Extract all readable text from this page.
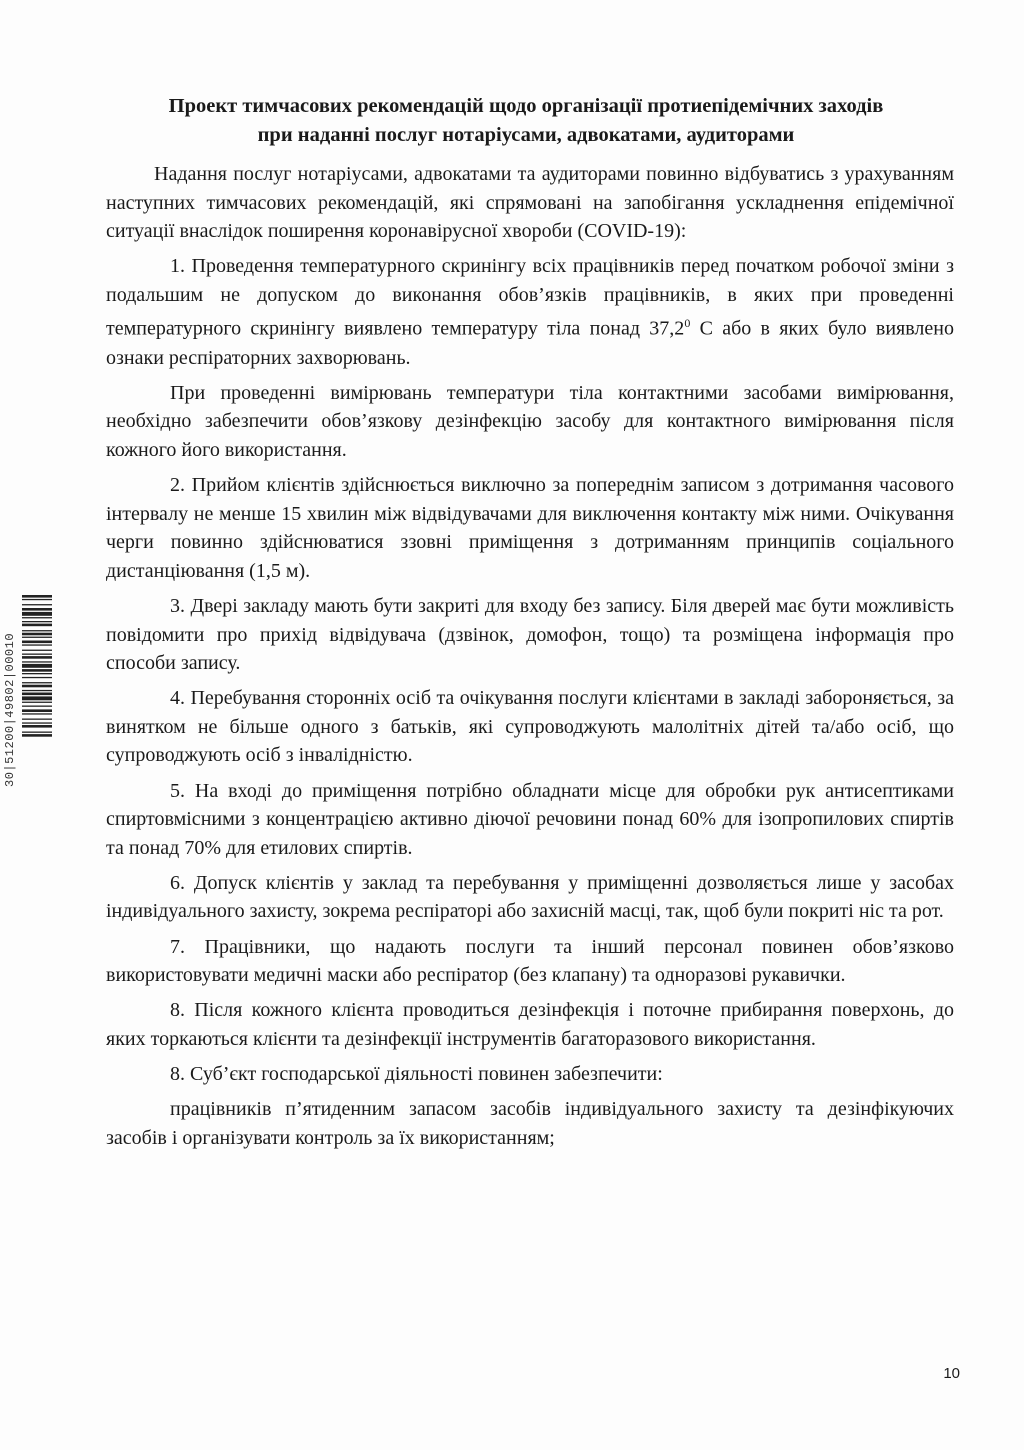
Проект тимчасових рекомендацій щодо організації протиепідемічних заходів
при наданні послуг нотаріусами, адвокатами, аудиторами

Надання послуг нотаріусами, адвокатами та аудиторами повинно відбуватись з урахуванням наступних тимчасових рекомендацій, які спрямовані на запобігання ускладнення епідемічної ситуації внаслідок поширення коронавірусної хвороби (COVID-19):

1. Проведення температурного скринінгу всіх працівників перед початком робочої зміни з подальшим не допуском до виконання обов’язків працівників, в яких при проведенні температурного скринінгу виявлено температуру тіла понад 37,2$^0$ С або в яких було виявлено ознаки респіраторних захворювань.

При проведенні вимірювань температури тіла контактними засобами вимірювання, необхідно забезпечити обов’язкову дезінфекцію засобу для контактного вимірювання після кожного його використання.

2. Прийом клієнтів здійснюється виключно за попереднім записом з дотримання часового інтервалу не менше 15 хвилин між відвідувачами для виключення контакту між ними. Очікування черги повинно здійснюватися ззовні приміщення з дотриманням принципів соціального дистанціювання (1,5 м).

3. Двері закладу мають бути закриті для входу без запису. Біля дверей має бути можливість повідомити про прихід відвідувача (дзвінок, домофон, тощо) та розміщена інформація про способи запису.

4. Перебування сторонніх осіб та очікування послуги клієнтами в закладі забороняється, за винятком не більше одного з батьків, які супроводжують малолітніх дітей та/або осіб, що супроводжують осіб з інвалідністю.

5. На вході до приміщення потрібно обладнати місце для обробки рук антисептиками спиртовмісними з концентрацією активно діючої речовини понад 60% для ізопропилових спиртів та понад 70% для етилових спиртів.

6. Допуск клієнтів у заклад та перебування у приміщенні дозволяється лише у засобах індивідуального захисту, зокрема респіраторі або захисній масці, так, щоб були покриті ніс та рот.

7. Працівники, що надають послуги та інший персонал повинен обов’язково використовувати медичні маски або респіратор (без клапану) та одноразові рукавички.

8. Після кожного клієнта проводиться дезінфекція і поточне прибирання поверхонь, до яких торкаються клієнти та дезінфекції інструментів багаторазового використання.

8. Суб’єкт господарської діяльності повинен забезпечити:

працівників п’ятиденним запасом засобів індивідуального захисту та дезінфікуючих засобів і організувати контроль за їх використанням;

30|51200|49802|00010
10
